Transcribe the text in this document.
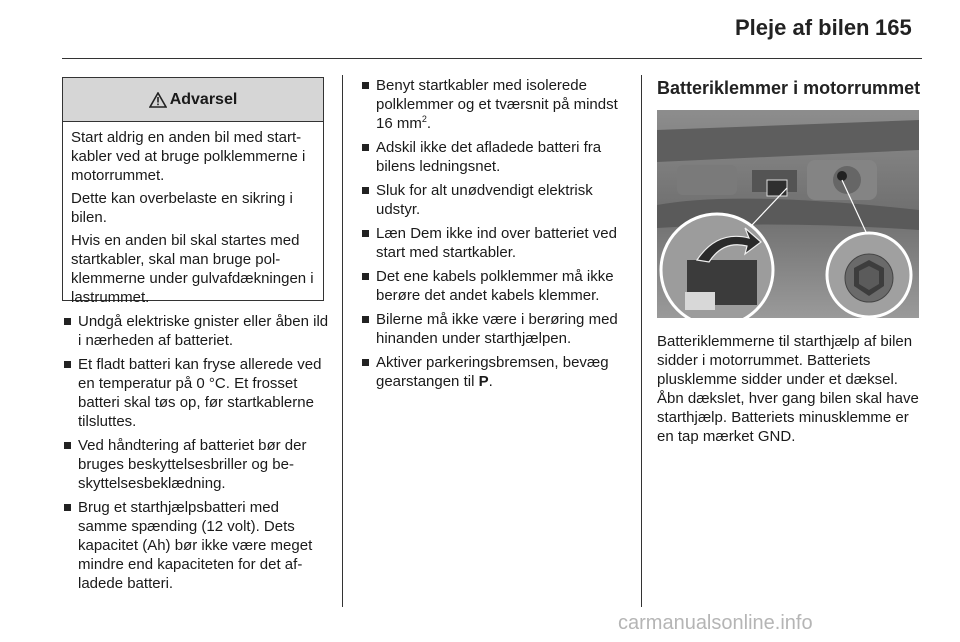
Pleje af bilen 165
Advarsel

Start aldrig en anden bil med startkabler ved at bruge polklemmerne i motorrummet.

Dette kan overbelaste en sikring i bilen.

Hvis en anden bil skal startes med startkabler, skal man bruge polklemmerne under gulvafdækningen i lastrummet.

Undgå elektriske gnister eller åben ild i nærheden af batteriet.
Et fladt batteri kan fryse allerede ved en temperatur på 0 °C. Et frosset batteri skal tøs op, før startkablerne tilsluttes.
Ved håndtering af batteriet bør der bruges beskyttelsesbriller og beskyttelsesbeklædning.
Brug et starthjælpsbatteri med samme spænding (12 volt). Dets kapacitet (Ah) bør ikke være meget mindre end kapaciteten for det afladede batteri.
Benyt startkabler med isolerede polklemmer og et tværsnit på mindst 16 $mm^2$.
Adskil ikke det afladede batteri fra bilens ledningsnet.
Sluk for alt unødvendigt elektrisk udstyr.
Læn Dem ikke ind over batteriet ved start med startkabler.
Det ene kabels polklemmer må ikke berøre det andet kabels klemmer.
Bilerne må ikke være i berøring med hinanden under starthjælpen.
Aktiver parkeringsbremsen, bevæg gearstangen til P.
Batteriklemmer i motorrummet

Batteriklemmerne til starthjælp af bilen sidder i motorrummet. Batteriets plusklemme sidder under et dæksel. Åbn dækslet, hver gang bilen skal have starthjælp. Batteriets minusklemme er en tap mærket GND.

carmanualsonline.info
